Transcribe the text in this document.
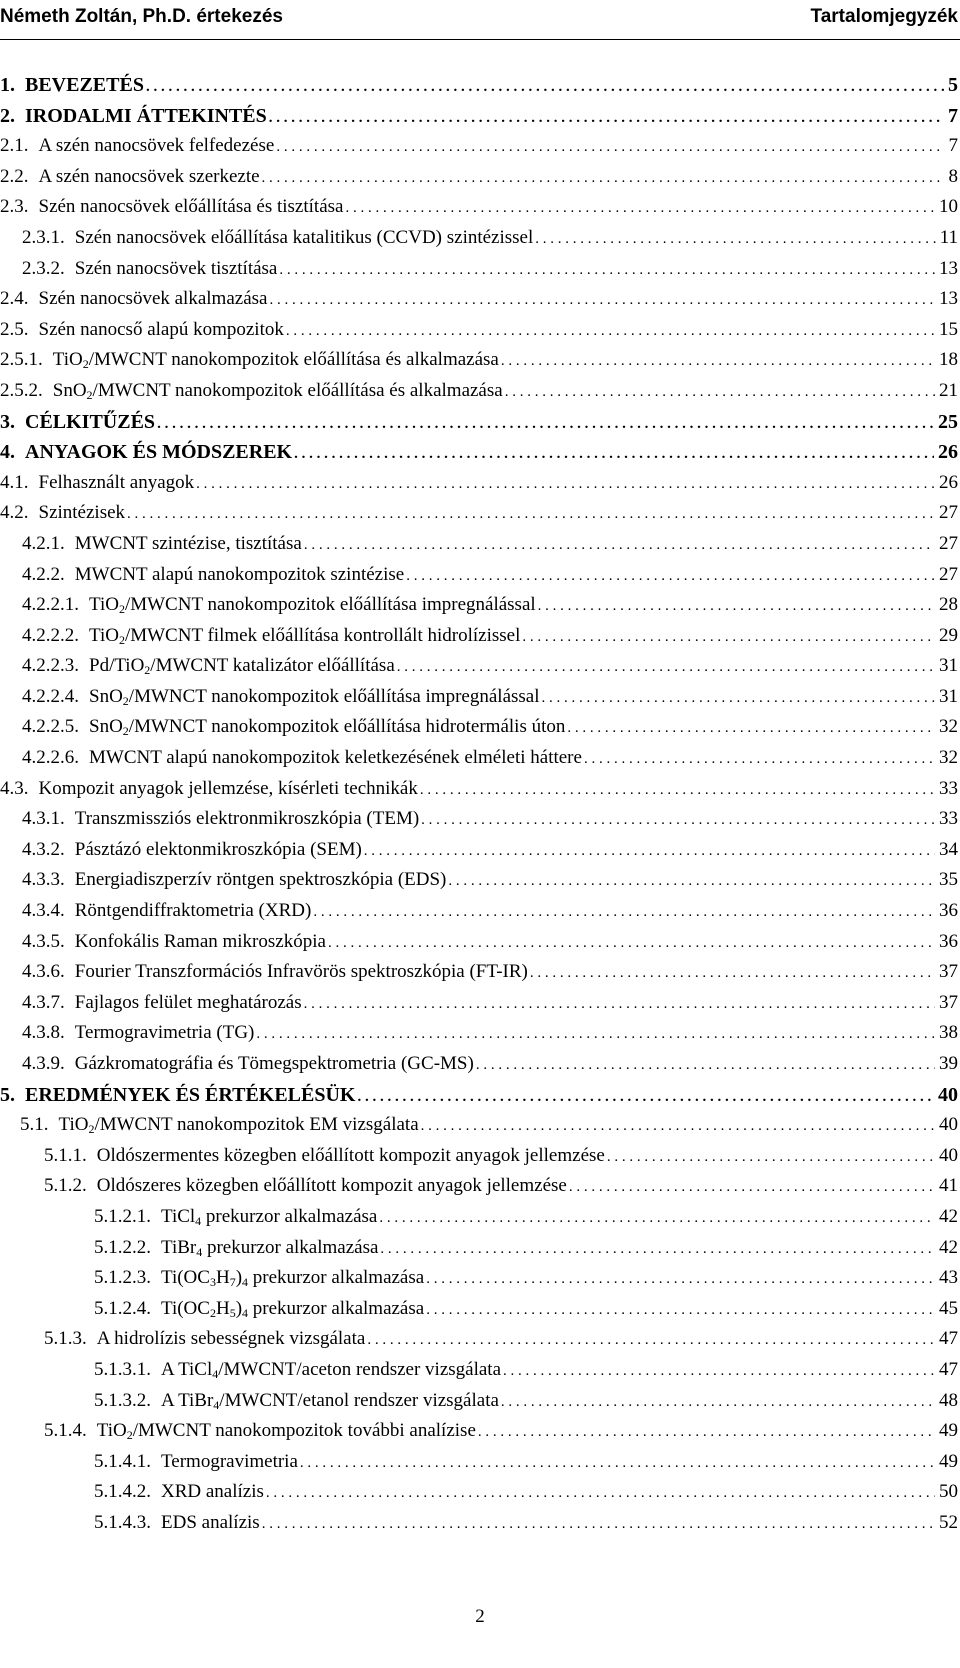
Németh Zoltán, Ph.D. értekezés	Tartalomjegyzék
1. BEVEZETÉS . . .	5
2. IRODALMI ÁTTEKINTÉS . . .	7
2.1. A szén nanocsövek felfedezése . . .	7
2.2. A szén nanocsövek szerkezte . . .	8
2.3. Szén nanocsövek előállítása és tisztítása . . .	10
2.3.1. Szén nanocsövek előállítása katalitikus (CCVD) szintézissel . . .	11
2.3.2. Szén nanocsövek tisztítása . . .	13
2.4. Szén nanocsövek alkalmazása . . .	13
2.5. Szén nanocső alapú kompozitok . . .	15
2.5.1. TiO$_2$/MWCNT nanokompozitok előállítása és alkalmazása . . .	18
2.5.2. SnO$_2$/MWCNT nanokompozitok előállítása és alkalmazása . . .	21
3. CÉLKITŰZÉS . . .	25
4. ANYAGOK ÉS MÓDSZEREK . . .	26
4.1. Felhasznált anyagok . . .	26
4.2. Szintézisek . . .	27
4.2.1. MWCNT szintézise, tisztítása . . .	27
4.2.2. MWCNT alapú nanokompozitok szintézise . . .	27
4.2.2.1. TiO$_2$/MWCNT nanokompozitok előállítása impregnálással . . .	28
4.2.2.2. TiO$_2$/MWCNT filmek előállítása kontrollált hidrolízissel . . .	29
4.2.2.3. Pd/TiO$_2$/MWCNT katalizátor előállítása . . .	31
4.2.2.4. SnO$_2$/MWNCT nanokompozitok előállítása impregnálással . . .	31
4.2.2.5. SnO$_2$/MWNCT nanokompozitok előállítása hidrotermális úton . . .	32
4.2.2.6. MWCNT alapú nanokompozitok keletkezésének elméleti háttere . . .	32
4.3. Kompozit anyagok jellemzése, kísérleti technikák . . .	33
4.3.1. Transzmissziós elektronmikroszkópia (TEM) . . .	33
4.3.2. Pásztázó elektonmikroszkópia (SEM) . . .	34
4.3.3. Energiadiszperzív röntgen spektroszkópia (EDS) . . .	35
4.3.4. Röntgendiffraktometria (XRD) . . .	36
4.3.5. Konfokális Raman mikroszkópia . . .	36
4.3.6. Fourier Transzformációs Infravörös spektroszkópia (FT-IR) . . .	37
4.3.7. Fajlagos felület meghatározás . . .	37
4.3.8. Termogravimetria (TG) . . .	38
4.3.9. Gázkromatográfia és Tömegspektrometria (GC-MS) . . .	39
5. EREDMÉNYEK ÉS ÉRTÉKELÉSÜK . . .	40
5.1. TiO$_2$/MWCNT nanokompozitok EM vizsgálata . . .	40
5.1.1. Oldószermentes közegben előállított kompozit anyagok jellemzése . . .	40
5.1.2. Oldószeres közegben előállított kompozit anyagok jellemzése . . .	41
5.1.2.1. TiCl$_4$ prekurzor alkalmazása . . .	42
5.1.2.2. TiBr$_4$ prekurzor alkalmazása . . .	42
5.1.2.3. $Ti(OC_3H_7)_4$ prekurzor alkalmazása . . .	43
5.1.2.4. $Ti(OC_2H_5)_4$ prekurzor alkalmazása . . .	45
5.1.3. A hidrolízis sebességnek vizsgálata . . .	47
5.1.3.1. A TiCl$_4$/MWCNT/aceton rendszer vizsgálata . . .	47
5.1.3.2. A TiBr$_4$/MWCNT/etanol rendszer vizsgálata . . .	48
5.1.4. TiO$_2$/MWCNT nanokompozitok további analízise . . .	49
5.1.4.1. Termogravimetria . . .	49
5.1.4.2. XRD analízis . . .	50
5.1.4.3. EDS analízis . . .	52
2
